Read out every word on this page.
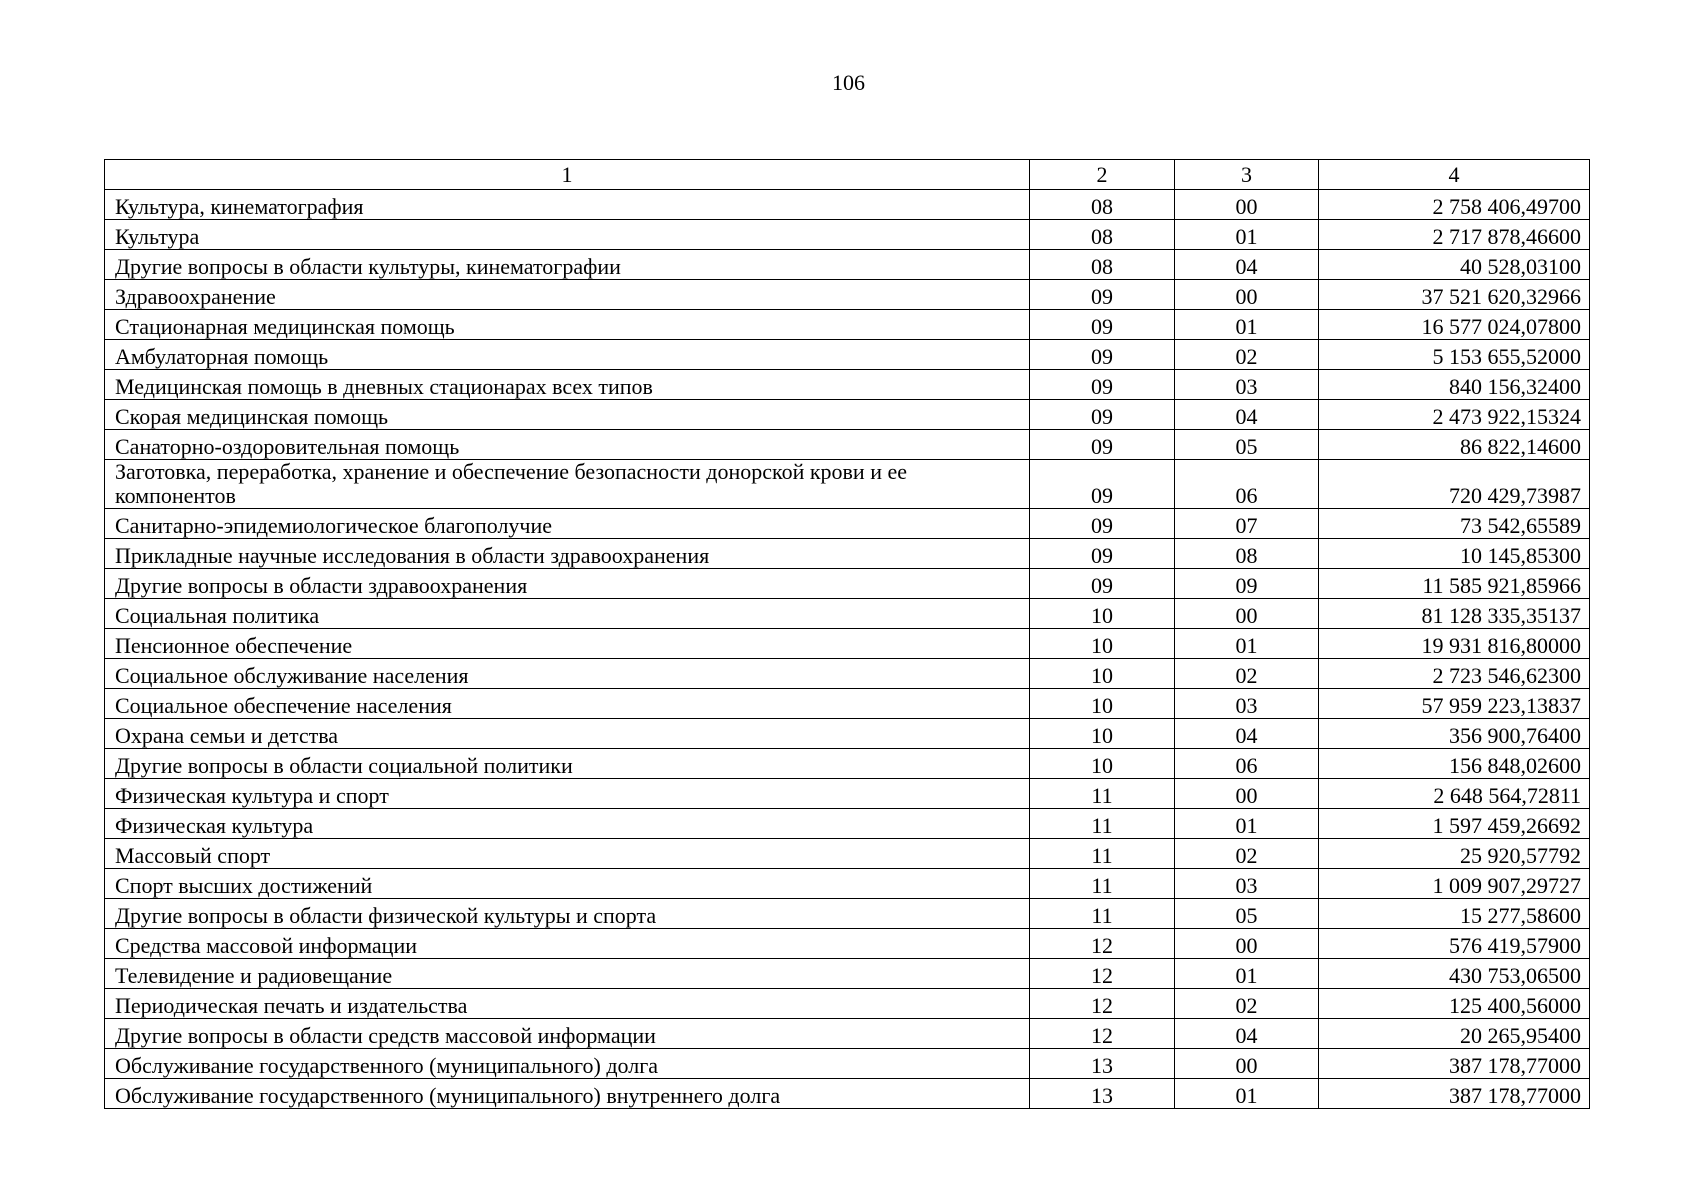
106
1	2	3	4
Культура, кинематография	08	00	2 758 406,49700
Культура	08	01	2 717 878,46600
Другие вопросы в области культуры, кинематографии	08	04	40 528,03100
Здравоохранение	09	00	37 521 620,32966
Стационарная медицинская помощь	09	01	16 577 024,07800
Амбулаторная помощь	09	02	5 153 655,52000
Медицинская помощь в дневных стационарах всех типов	09	03	840 156,32400
Скорая медицинская помощь	09	04	2 473 922,15324
Санаторно-оздоровительная помощь	09	05	86 822,14600
Заготовка, переработка, хранение и обеспечение безопасности донорской крови и ее компонентов	09	06	720 429,73987
Санитарно-эпидемиологическое благополучие	09	07	73 542,65589
Прикладные научные исследования в области здравоохранения	09	08	10 145,85300
Другие вопросы в области здравоохранения	09	09	11 585 921,85966
Социальная политика	10	00	81 128 335,35137
Пенсионное обеспечение	10	01	19 931 816,80000
Социальное обслуживание населения	10	02	2 723 546,62300
Социальное обеспечение населения	10	03	57 959 223,13837
Охрана семьи и детства	10	04	356 900,76400
Другие вопросы в области социальной политики	10	06	156 848,02600
Физическая культура и спорт	11	00	2 648 564,72811
Физическая культура	11	01	1 597 459,26692
Массовый спорт	11	02	25 920,57792
Спорт высших достижений	11	03	1 009 907,29727
Другие вопросы в области физической культуры и спорта	11	05	15 277,58600
Средства массовой информации	12	00	576 419,57900
Телевидение и радиовещание	12	01	430 753,06500
Периодическая печать и издательства	12	02	125 400,56000
Другие вопросы в области средств массовой информации	12	04	20 265,95400
Обслуживание государственного (муниципального) долга	13	00	387 178,77000
Обслуживание государственного (муниципального) внутреннего долга	13	01	387 178,77000
